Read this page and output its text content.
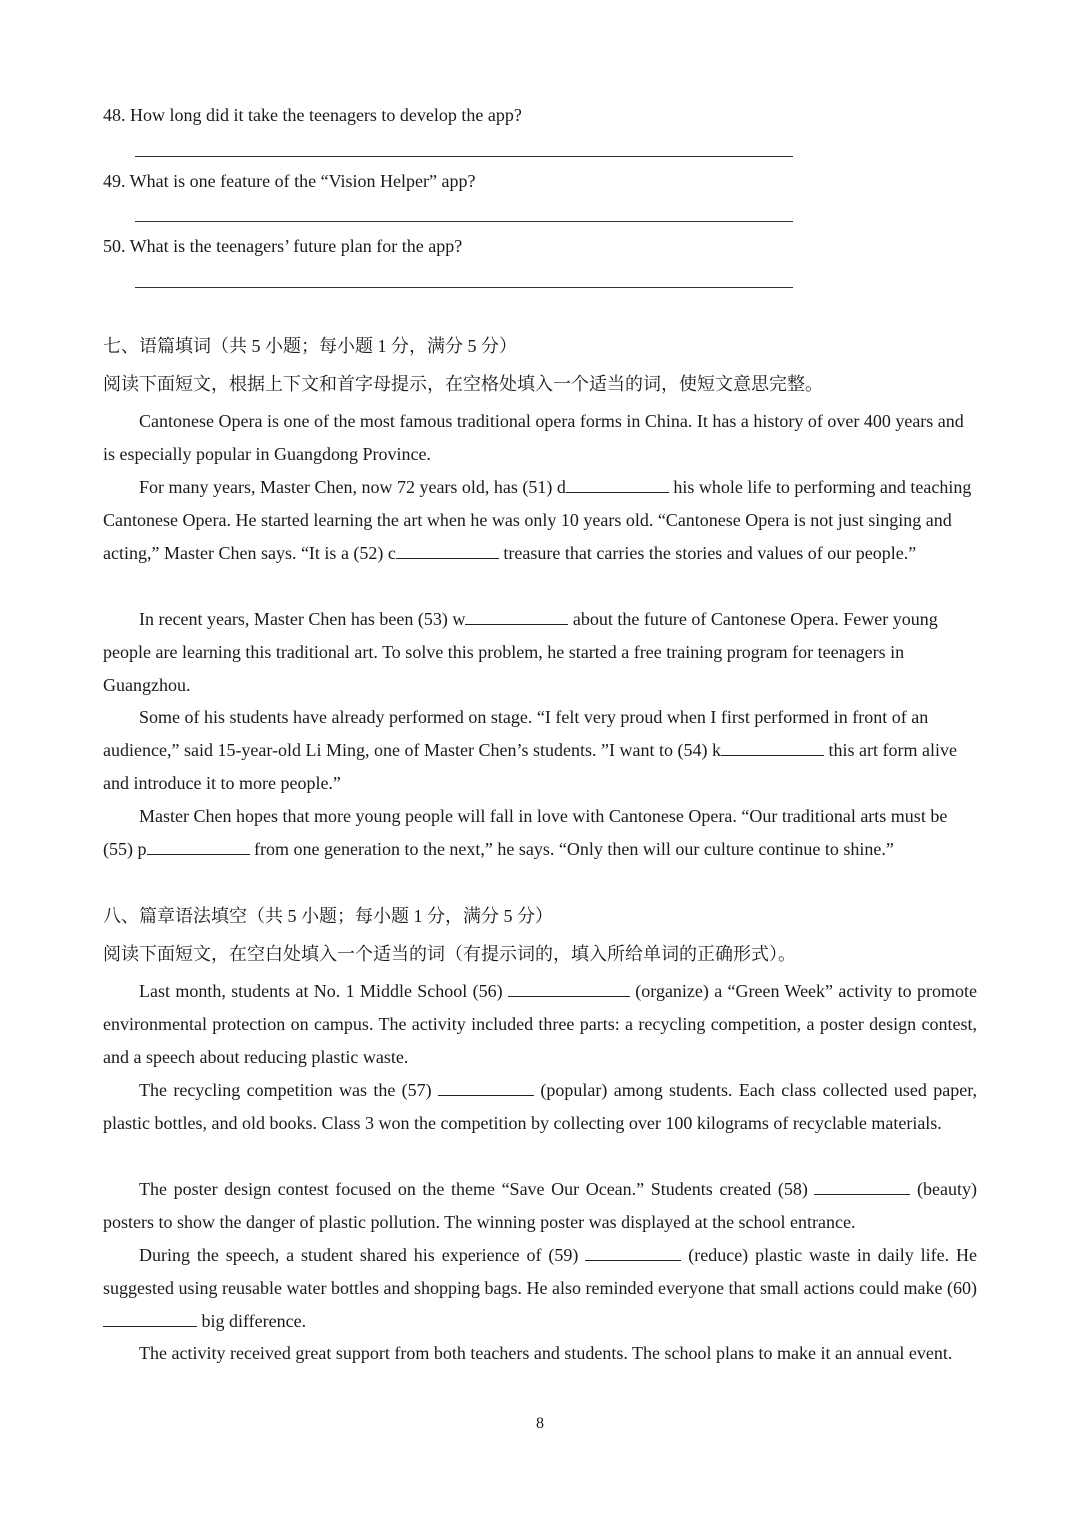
48. How long did it take the teenagers to develop the app?
49. What is one feature of the “Vision Helper” app?
50. What is the teenagers’ future plan for the app?
七、语篇填词（共 5 小题；每小题 1 分，满分 5 分）
阅读下面短文，根据上下文和首字母提示，在空格处填入一个适当的词，使短文意思完整。

Cantonese Opera is one of the most famous traditional opera forms in China. It has a history of over 400 years and is especially popular in Guangdong Province.

For many years, Master Chen, now 72 years old, has (51) d	his whole life to performing and teaching Cantonese Opera. He started learning the art when he was only 10 years old. “Cantonese Opera is not just singing and acting,” Master Chen says. “It is a (52) c	treasure that carries the stories and values of our people.”

In recent years, Master Chen has been (53) w	about the future of Cantonese Opera. Fewer young people are learning this traditional art. To solve this problem, he started a free training program for teenagers in Guangzhou.

Some of his students have already performed on stage. “I felt very proud when I first performed in front of an audience,” said 15-year-old Li Ming, one of Master Chen’s students. ”I want to (54) k	this art form alive and introduce it to more people.”

Master Chen hopes that more young people will fall in love with Cantonese Opera. “Our traditional arts must be (55) p	from one generation to the next,” he says. “Only then will our culture continue to shine.”

八、篇章语法填空（共 5 小题；每小题 1 分，满分 5 分）
阅读下面短文，在空白处填入一个适当的词（有提示词的，填入所给单词的正确形式）。

Last month, students at No. 1 Middle School (56)	(organize) a “Green Week” activity to promote environmental protection on campus. The activity included three parts: a recycling competition, a poster design contest, and a speech about reducing plastic waste.

The recycling competition was the (57)	(popular) among students. Each class collected used paper, plastic bottles, and old books. Class 3 won the competition by collecting over 100 kilograms of recyclable materials.

The poster design contest focused on the theme “Save Our Ocean.” Students created (58)	(beauty) posters to show the danger of plastic pollution. The winning poster was displayed at the school entrance.

During the speech, a student shared his experience of (59)	(reduce) plastic waste in daily life. He suggested using reusable water bottles and shopping bags. He also reminded everyone that small actions could make (60)  big difference.

The activity received great support from both teachers and students. The school plans to make it an annual event.

8
